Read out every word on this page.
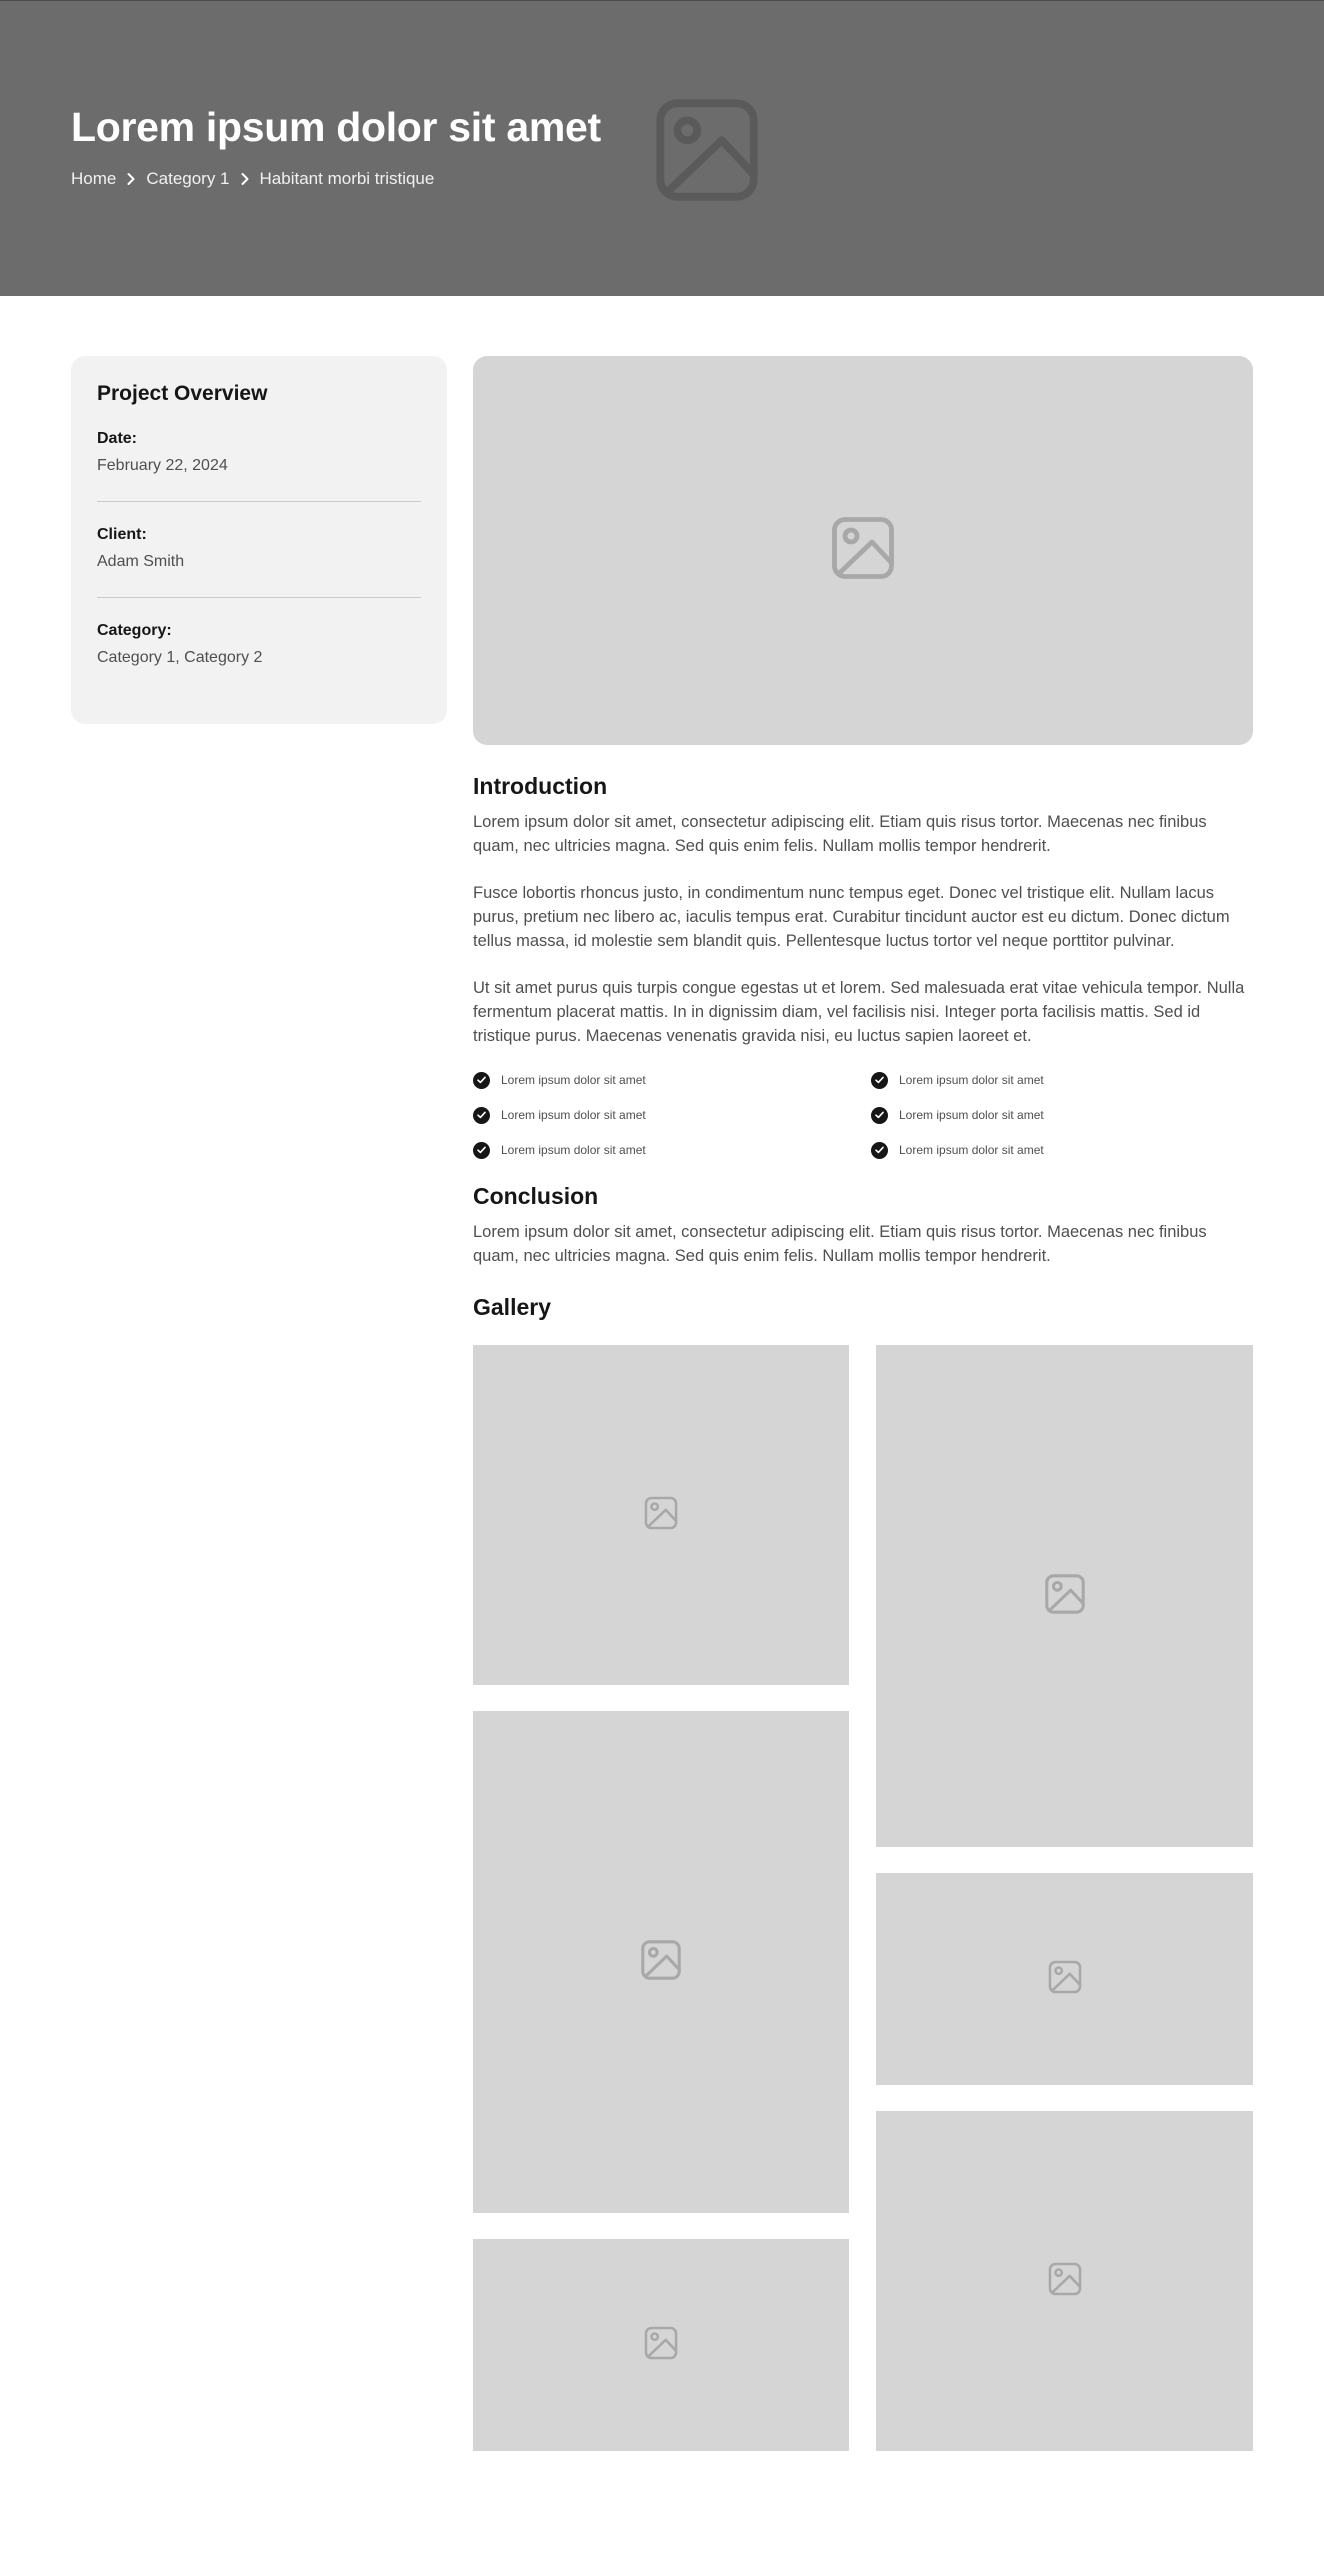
Lorem ipsum dolor sit amet
Home Category 1 Habitant morbi tristique
Project Overview
Date:
February 22, 2024
Client:
Adam Smith
Category:
Category 1, Category 2
Introduction

Lorem ipsum dolor sit amet, consectetur adipiscing elit. Etiam quis risus tortor. Maecenas nec finibus quam, nec ultricies magna. Sed quis enim felis. Nullam mollis tempor hendrerit.

Fusce lobortis rhoncus justo, in condimentum nunc tempus eget. Donec vel tristique elit. Nullam lacus purus, pretium nec libero ac, iaculis tempus erat. Curabitur tincidunt auctor est eu dictum. Donec dictum tellus massa, id molestie sem blandit quis. Pellentesque luctus tortor vel neque porttitor pulvinar.

Ut sit amet purus quis turpis congue egestas ut et lorem. Sed malesuada erat vitae vehicula tempor. Nulla fermentum placerat mattis. In in dignissim diam, vel facilisis nisi. Integer porta facilisis mattis. Sed id tristique purus. Maecenas venenatis gravida nisi, eu luctus sapien laoreet et.

Lorem ipsum dolor sit amet	Lorem ipsum dolor sit amet
Lorem ipsum dolor sit amet	Lorem ipsum dolor sit amet
Lorem ipsum dolor sit amet	Lorem ipsum dolor sit amet
Conclusion

Lorem ipsum dolor sit amet, consectetur adipiscing elit. Etiam quis risus tortor. Maecenas nec finibus quam, nec ultricies magna. Sed quis enim felis. Nullam mollis tempor hendrerit.

Gallery
